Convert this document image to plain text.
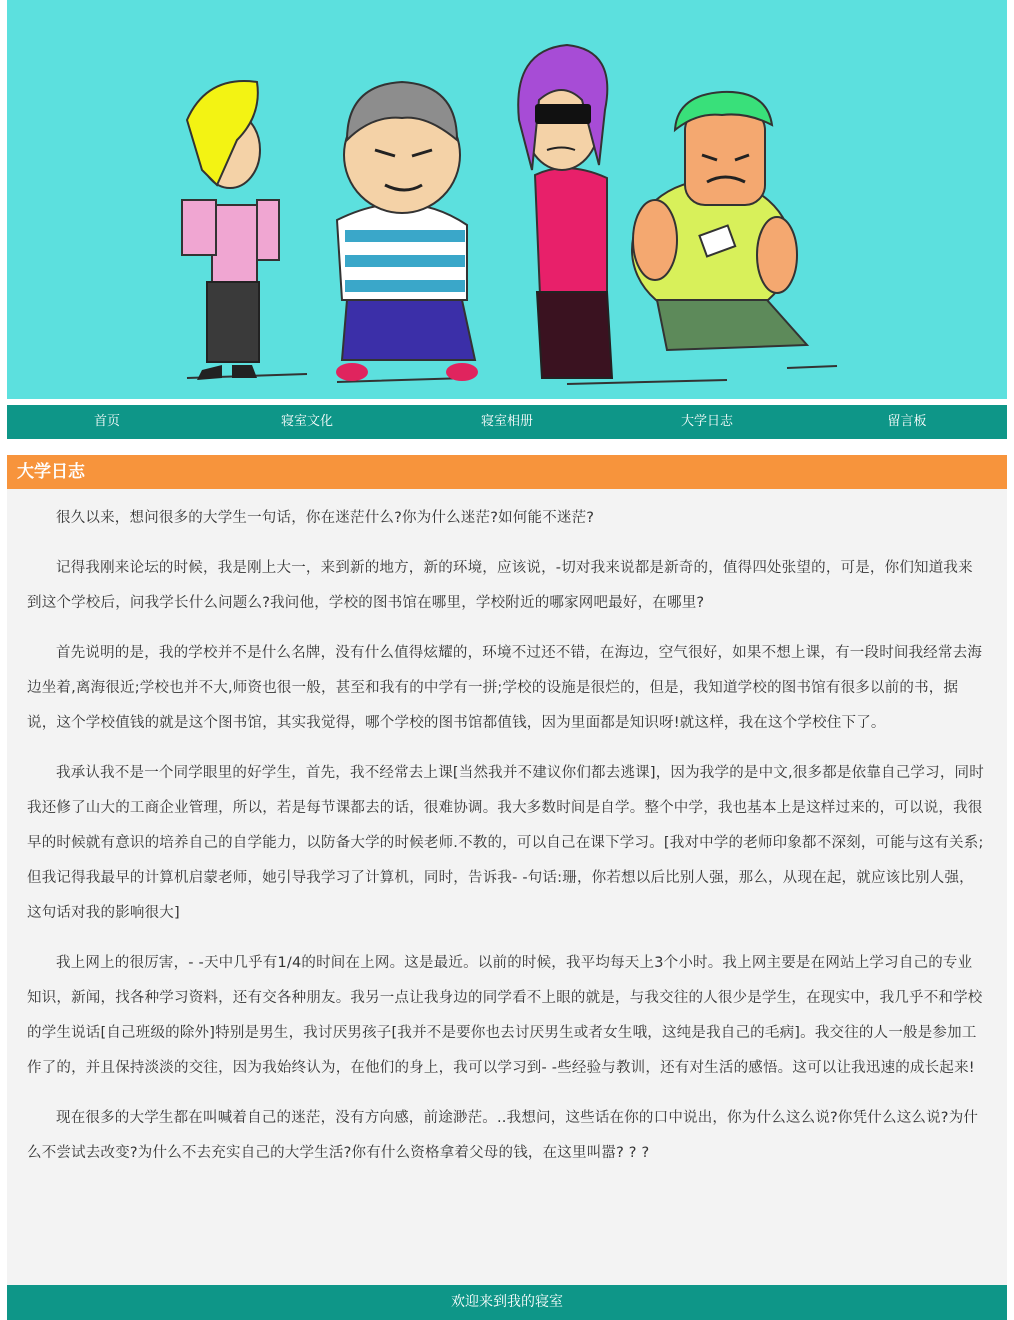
首页	寝室文化	寝室相册	大学日志	留言板
大学日志

很久以来，想问很多的大学生一句话，你在迷茫什么?你为什么迷茫?如何能不迷茫?

记得我刚来论坛的时候，我是刚上大一，来到新的地方，新的环境，应该说，-切对我来说都是新奇的，值得四处张望的，可是，你们知道我来到这个学校后，问我学长什么问题么?我问他，学校的图书馆在哪里，学校附近的哪家网吧最好，在哪里?

首先说明的是，我的学校并不是什么名牌，没有什么值得炫耀的，环境不过还不错，在海边，空气很好，如果不想上课，有一段时间我经常去海边坐着,离海很近;学校也并不大,师资也很一般，甚至和我有的中学有一拼;学校的设施是很烂的，但是，我知道学校的图书馆有很多以前的书，据说，这个学校值钱的就是这个图书馆，其实我觉得，哪个学校的图书馆都值钱，因为里面都是知识呀!就这样，我在这个学校住下了。

我承认我不是一个同学眼里的好学生，首先，我不经常去上课[当然我并不建议你们都去逃课]，因为我学的是中文,很多都是依靠自己学习，同时我还修了山大的工商企业管理，所以，若是每节课都去的话，很难协调。我大多数时间是自学。整个中学，我也基本上是这样过来的，可以说，我很早的时候就有意识的培养自己的自学能力，以防备大学的时候老师.不教的，可以自己在课下学习。[我对中学的老师印象都不深刻，可能与这有关系;但我记得我最早的计算机启蒙老师，她引导我学习了计算机，同时，告诉我- -句话:珊，你若想以后比别人强，那么，从现在起，就应该比别人强，这句话对我的影响很大]

我上网上的很厉害，- -天中几乎有1/4的时间在上网。这是最近。以前的时候，我平均每天上3个小时。我上网主要是在网站上学习自己的专业知识，新闻，找各种学习资料，还有交各种朋友。我另一点让我身边的同学看不上眼的就是，与我交往的人很少是学生，在现实中，我几乎不和学校的学生说话[自己班级的除外]特别是男生，我讨厌男孩子[我并不是要你也去讨厌男生或者女生哦，这纯是我自己的毛病]。我交往的人一般是参加工作了的，并且保持淡淡的交往，因为我始终认为，在他们的身上，我可以学习到- -些经验与教训，还有对生活的感悟。这可以让我迅速的成长起来!

现在很多的大学生都在叫喊着自己的迷茫，没有方向感，前途渺茫。..我想问，这些话在你的口中说出，你为什么这么说?你凭什么这么说?为什么不尝试去改变?为什么不去充实自己的大学生活?你有什么资格拿着父母的钱，在这里叫嚣? ? ?

欢迎来到我的寝室
